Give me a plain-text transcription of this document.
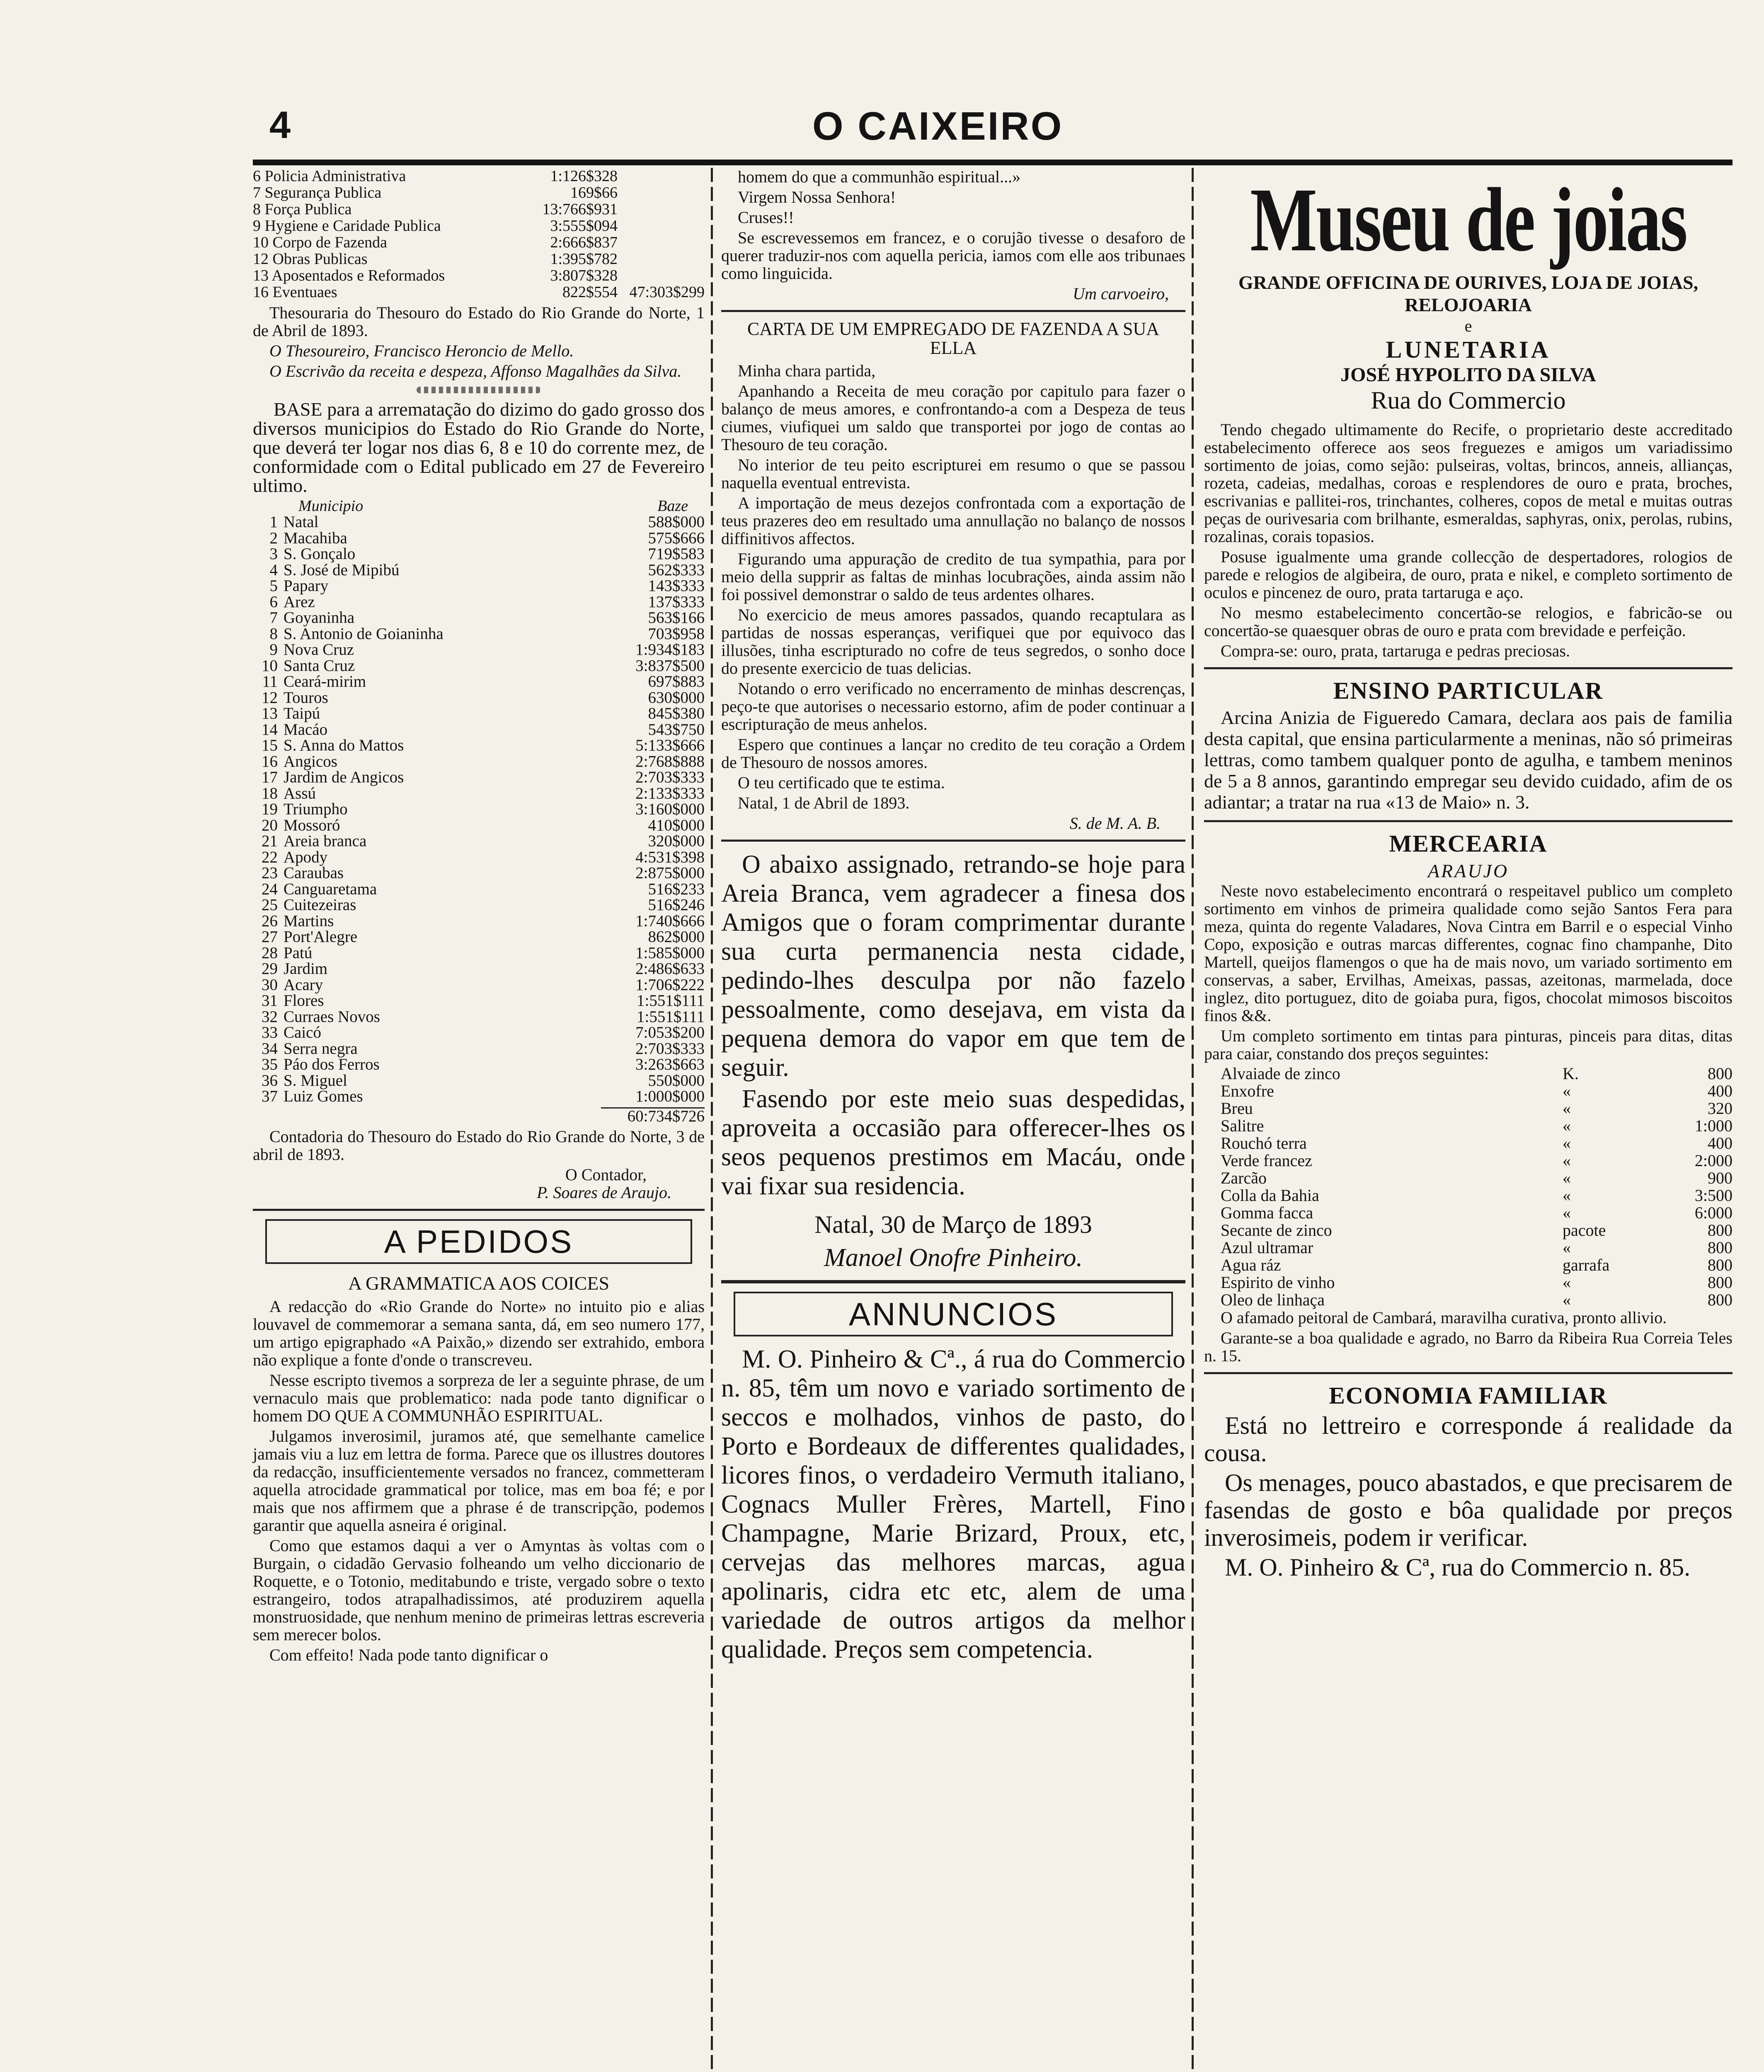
4	O CAIXEIRO
6 Policia Administrativa	1:126$328
7 Segurança Publica	169$66
8 Força Publica	13:766$931
9 Hygiene e Caridade Publica	3:555$094
10 Corpo de Fazenda	2:666$837
12 Obras Publicas	1:395$782
13 Aposentados e Reformados	3:807$328
16 Eventuaes	822$554 47:303$299

Thesouraria do Thesouro do Estado do Rio Grande do Norte, 1 de Abril de 1893.

O Thesoureiro, Francisco Heroncio de Mello.

O Escrivão da receita e despeza, Affonso Magalhães da Silva.

BASE para a arrematação do dizimo do gado grosso dos diversos municipios do Estado do Rio Grande do Norte, que deverá ter logar nos dias 6, 8 e 10 do corrente mez, de conformidade com o Edital publicado em 27 de Fevereiro ultimo.

Municipio	Baze
1 Natal	588$000
2 Macahiba	575$666
3 S. Gonçalo	719$583
4 S. José de Mipibú	562$333
5 Papary	143$333
6 Arez	137$333
7 Goyaninha	563$166
8 S. Antonio de Goianinha	703$958
9 Nova Cruz	1:934$183
10 Santa Cruz	3:837$500
11 Ceará-mirim	697$883
12 Touros	630$000
13 Taipú	845$380
14 Macáo	543$750
15 S. Anna do Mattos	5:133$666
16 Angicos	2:768$888
17 Jardim de Angicos	2:703$333
18 Assú	2:133$333
19 Triumpho	3:160$000
20 Mossoró	410$000
21 Areia branca	320$000
22 Apody	4:531$398
23 Caraubas	2:875$000
24 Canguaretama	516$233
25 Cuitezeiras	516$246
26 Martins	1:740$666
27 Port'Alegre	862$000
28 Patú	1:585$000
29 Jardim	2:486$633
30 Acary	1:706$222
31 Flores	1:551$111
32 Curraes Novos	1:551$111
33 Caicó	7:053$200
34 Serra negra	2:703$333
35 Páo dos Ferros	3:263$663
36 S. Miguel	550$000
37 Luiz Gomes	1:000$000
60:734$726

Contadoria do Thesouro do Estado do Rio Grande do Norte, 3 de abril de 1893.

O Contador,
P. Soares de Araujo.
A PEDIDOS
A GRAMMATICA AOS COICES

A redacção do «Rio Grande do Norte» no intuito pio e alias louvavel de commemorar a semana santa, dá, em seo numero 177, um artigo epigraphado «A Paixão,» dizendo ser extrahido, embora não explique a fonte d'onde o transcreveu.

Nesse escripto tivemos a sorpreza de ler a seguinte phrase, de um vernaculo mais que problematico: nada pode tanto dignificar o homem DO QUE A COMMUNHÃO ESPIRITUAL.

Julgamos inverosimil, juramos até, que semelhante camelice jamais viu a luz em lettra de forma. Parece que os illustres doutores da redacção, insufficientemente versados no francez, commetteram aquella atrocidade grammatical por tolice, mas em boa fé; e por mais que nos affirmem que a phrase é de transcripção, podemos garantir que aquella asneira é original.

Como que estamos daqui a ver o Amyntas às voltas com o Burgain, o cidadão Gervasio folheando um velho diccionario de Roquette, e o Totonio, meditabundo e triste, vergado sobre o texto estrangeiro, todos atrapalhadissimos, até produzirem aquella monstruosidade, que nenhum menino de primeiras lettras escreveria sem merecer bolos.

Com effeito! Nada pode tanto dignificar o

homem do que a communhão espiritual...»

Virgem Nossa Senhora!

Cruses!!

Se escrevessemos em francez, e o corujão tivesse o desaforo de querer traduzir-nos com aquella pericia, iamos com elle aos tribunaes como linguicida.

Um carvoeiro,
CARTA DE UM EMPREGADO DE FAZENDA A SUA ELLA

Minha chara partida,

Apanhando a Receita de meu coração por capitulo para fazer o balanço de meus amores, e confrontando-a com a Despeza de teus ciumes, viufiquei um saldo que transportei por jogo de contas ao Thesouro de teu coração.

No interior de teu peito escripturei em resumo o que se passou naquella eventual entrevista.

A importação de meus dezejos confrontada com a exportação de teus prazeres deo em resultado uma annullação no balanço de nossos diffinitivos affectos.

Figurando uma appuração de credito de tua sympathia, para por meio della supprir as faltas de minhas locubrações, ainda assim não foi possivel demonstrar o saldo de teus ardentes olhares.

No exercicio de meus amores passados, quando recaptulara as partidas de nossas esperanças, verifiquei que por equivoco das illusões, tinha escripturado no cofre de teus segredos, o sonho doce do presente exercicio de tuas delicias.

Notando o erro verificado no encerramento de minhas descrenças, peço-te que autorises o necessario estorno, afim de poder continuar a escripturação de meus anhelos.

Espero que continues a lançar no credito de teu coração a Ordem de Thesouro de nossos amores.

O teu certificado que te estima.

Natal, 1 de Abril de 1893.

S. de M. A. B.

O abaixo assignado, retrando-se hoje para Areia Branca, vem agradecer a finesa dos Amigos que o foram comprimentar durante sua curta permanencia nesta cidade, pedindo-lhes desculpa por não fazelo pessoalmente, como desejava, em vista da pequena demora do vapor em que tem de seguir.

Fasendo por este meio suas despedidas, aproveita a occasião para offerecer-lhes os seos pequenos prestimos em Macáu, onde vai fixar sua residencia.

Natal, 30 de Março de 1893
Manoel Onofre Pinheiro.
ANNUNCIOS

M. O. Pinheiro & Cª., á rua do Commercio n. 85, têm um novo e variado sortimento de seccos e molhados, vinhos de pasto, do Porto e Bordeaux de differentes qualidades, licores finos, o verdadeiro Vermuth italiano, Cognacs Muller Frères, Martell, Fino Champagne, Marie Brizard, Proux, etc, cervejas das melhores marcas, agua apolinaris, cidra etc etc, alem de uma variedade de outros artigos da melhor qualidade. Preços sem competencia.

Museu de joias
GRANDE OFFICINA DE OURIVES, LOJA DE JOIAS, RELOJOARIA
e
LUNETARIA
JOSÉ HYPOLITO DA SILVA
Rua do Commercio

Tendo chegado ultimamente do Recife, o proprietario deste accreditado estabelecimento offerece aos seos freguezes e amigos um variadissimo sortimento de joias, como sejão: pulseiras, voltas, brincos, anneis, allianças, rozeta, cadeias, medalhas, coroas e resplendores de ouro e prata, broches, escrivanias e pallitei-ros, trinchantes, colheres, copos de metal e muitas outras peças de ourivesaria com brilhante, esmeraldas, saphyras, onix, perolas, rubins, rozalinas, corais topasios.

Posuse igualmente uma grande collecção de despertadores, rologios de parede e relogios de algibeira, de ouro, prata e nikel, e completo sortimento de oculos e pincenez de ouro, prata tartaruga e aço.

No mesmo estabelecimento concertão-se relogios, e fabricão-se ou concertão-se quaesquer obras de ouro e prata com brevidade e perfeição.

Compra-se: ouro, prata, tartaruga e pedras preciosas.

ENSINO PARTICULAR

Arcina Anizia de Figueredo Camara, declara aos pais de familia desta capital, que ensina particularmente a meninas, não só primeiras lettras, como tambem qualquer ponto de agulha, e tambem meninos de 5 a 8 annos, garantindo empregar seu devido cuidado, afim de os adiantar; a tratar na rua «13 de Maio» n. 3.

MERCEARIA
ARAUJO

Neste novo estabelecimento encontrará o respeitavel publico um completo sortimento em vinhos de primeira qualidade como sejão Santos Fera para meza, quinta do regente Valadares, Nova Cintra em Barril e o especial Vinho Copo, exposição e outras marcas differentes, cognac fino champanhe, Dito Martell, queijos flamengos o que ha de mais novo, um variado sortimento em conservas, a saber, Ervilhas, Ameixas, passas, azeitonas, marmelada, doce inglez, dito portuguez, dito de goiaba pura, figos, chocolat mimosos biscoitos finos &&.

Um completo sortimento em tintas para pinturas, pinceis para ditas, ditas para caiar, constando dos preços seguintes:

Alvaiade de zinco	K.	800
Enxofre	«	400
Breu	«	320
Salitre	«	1:000
Rouchó terra	«	400
Verde francez	«	2:000
Zarcão	«	900
Colla da Bahia	«	3:500
Gomma facca	«	6:000
Secante de zinco	pacote	800
Azul ultramar	«	800
Agua ráz	garrafa	800
Espirito de vinho	«	800
Oleo de linhaça	«	800

O afamado peitoral de Cambará, maravilha curativa, pronto allivio.

Garante-se a boa qualidade e agrado, no Barro da Ribeira Rua Correia Teles n. 15.

ECONOMIA FAMILIAR

Está no lettreiro e corresponde á realidade da cousa.

Os menages, pouco abastados, e que precisarem de fasendas de gosto e bôa qualidade por preços inverosimeis, podem ir verificar.

M. O. Pinheiro & Cª, rua do Commercio n. 85.
